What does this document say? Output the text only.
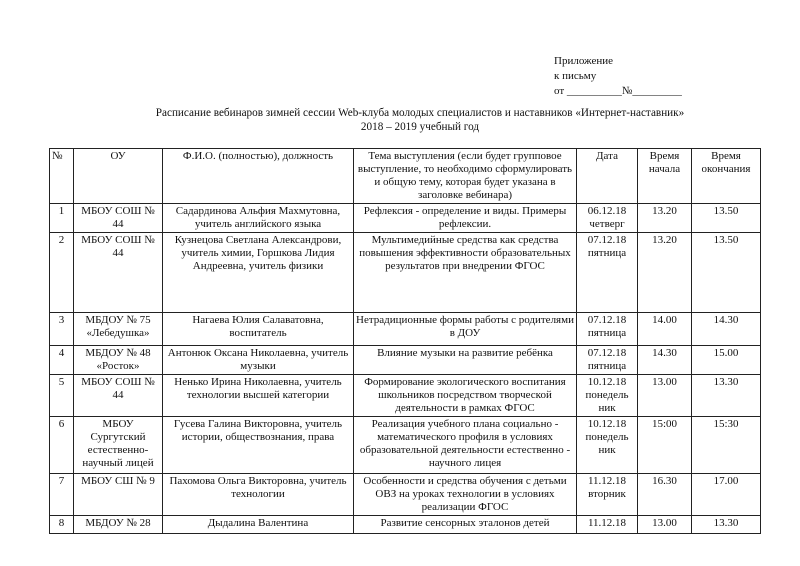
Приложение
к письму
от __________№_________
Расписание вебинаров зимней сессии Web-клуба молодых специалистов и наставников «Интернет-наставник»
2018 – 2019 учебный год
№	ОУ	Ф.И.О. (полностью), должность	Тема выступления (если будет групповое выступление, то необходимо сформулировать и общую тему, которая будет указана в заголовке вебинара)	Дата	Время начала	Время окончания
1	МБОУ СОШ № 44	Садардинова Альфия Махмутовна, учитель английского языка	Рефлексия - определение и виды. Примеры рефлексии.	06.12.18 четверг	13.20	13.50
2	МБОУ СОШ № 44	Кузнецова Светлана Александрови, учитель химии, Горшкова Лидия Андреевна, учитель физики	Мультимедийные средства как средства повышения эффективности образовательных результатов при внедрении ФГОС	07.12.18 пятница	13.20	13.50
3	МБДОУ № 75 «Лебедушка»	Нагаева Юлия Салаватовна, воспитатель	Нетрадиционные формы работы с родителями в ДОУ	07.12.18 пятница	14.00	14.30
4	МБДОУ № 48 «Росток»	Антонюк Оксана Николаевна, учитель музыки	Влияние музыки на развитие ребёнка	07.12.18 пятница	14.30	15.00
5	МБОУ СОШ № 44	Ненько Ирина Николаевна, учитель технологии высшей категории	Формирование экологического воспитания школьников посредством творческой деятельности в рамках ФГОС	10.12.18 понедель ник	13.00	13.30
6	МБОУ Сургутский естественно-научный лицей	Гусева Галина Викторовна, учитель истории, обществознания, права	Реализация учебного плана социально - математического профиля в условиях образовательной деятельности естественно - научного лицея	10.12.18 понедель ник	15:00	15:30
7	МБОУ СШ № 9	Пахомова Ольга Викторовна, учитель технологии	Особенности и средства обучения с детьми ОВЗ на уроках технологии в условиях реализации ФГОС	11.12.18 вторник	16.30	17.00
8	МБДОУ № 28	Дыдалина Валентина	Развитие сенсорных эталонов детей	11.12.18	13.00	13.30
